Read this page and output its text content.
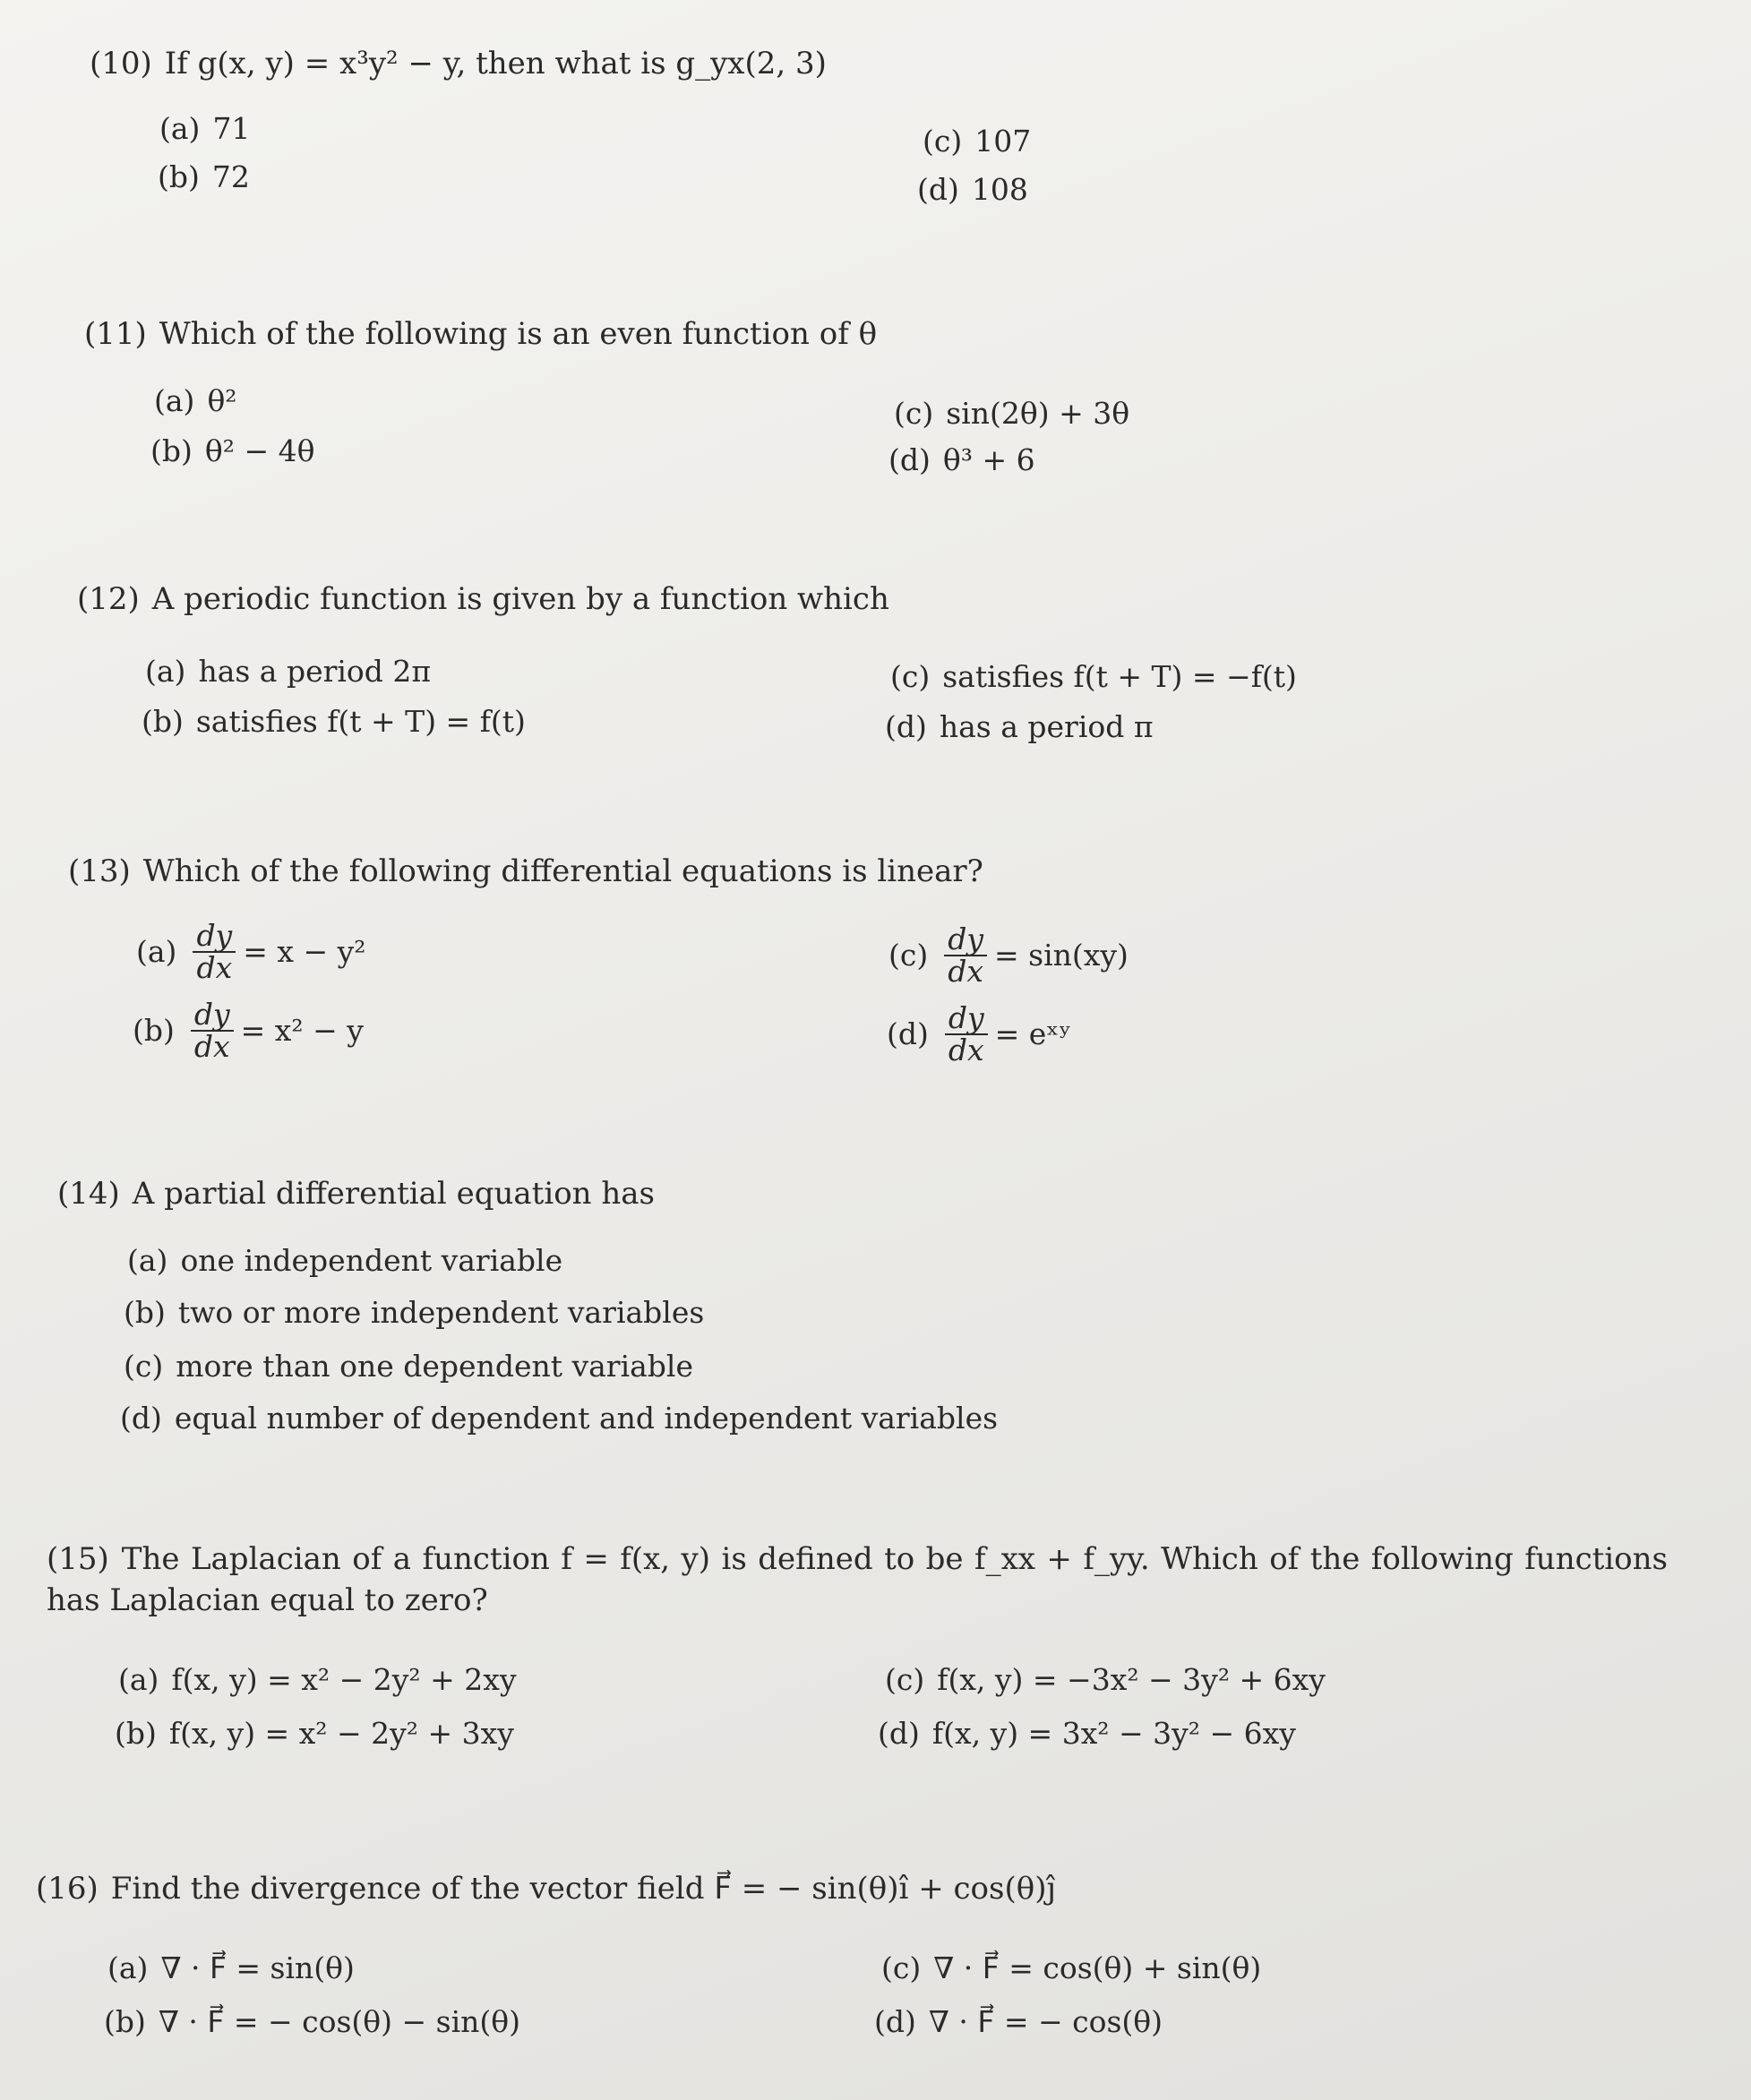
(10) If g(x, y) = x³y² − y, then what is g_yx(2, 3)
(a) 71
(b) 72
(c) 107
(d) 108
(11) Which of the following is an even function of θ
(a) θ²
(b) θ² − 4θ
(c) sin(2θ) + 3θ
(d) θ³ + 6
(12) A periodic function is given by a function which
(a) has a period 2π
(b) satisfies f(t + T) = f(t)
(c) satisfies f(t + T) = −f(t)
(d) has a period π
(13) Which of the following differential equations is linear?
$(a) \frac{dy}{dx} = x - y^2$
$(b) \frac{dy}{dx} = x^2 - y$
$(c) \frac{dy}{dx} = \sin(xy)$
$(d) \frac{dy}{dx}$ = eˣʸ
(14) A partial differential equation has
(a) one independent variable
(b) two or more independent variables
(c) more than one dependent variable
(d) equal number of dependent and independent variables
(15) The Laplacian of a function f = f(x, y) is defined to be f_xx + f_yy. Which of the following functions has Laplacian equal to zero?
(a) f(x, y) = x² − 2y² + 2xy
(b) f(x, y) = x² − 2y² + 3xy
(c) f(x, y) = −3x² − 3y² + 6xy
(d) f(x, y) = 3x² − 3y² − 6xy
(16) Find the divergence of the vector field F⃗ = − sin(θ)î + cos(θ)ĵ
(a) ∇ · F⃗ = sin(θ)
(b) ∇ · F⃗ = − cos(θ) − sin(θ)
(c) ∇ · F⃗ = cos(θ) + sin(θ)
(d) ∇ · F⃗ = − cos(θ)
